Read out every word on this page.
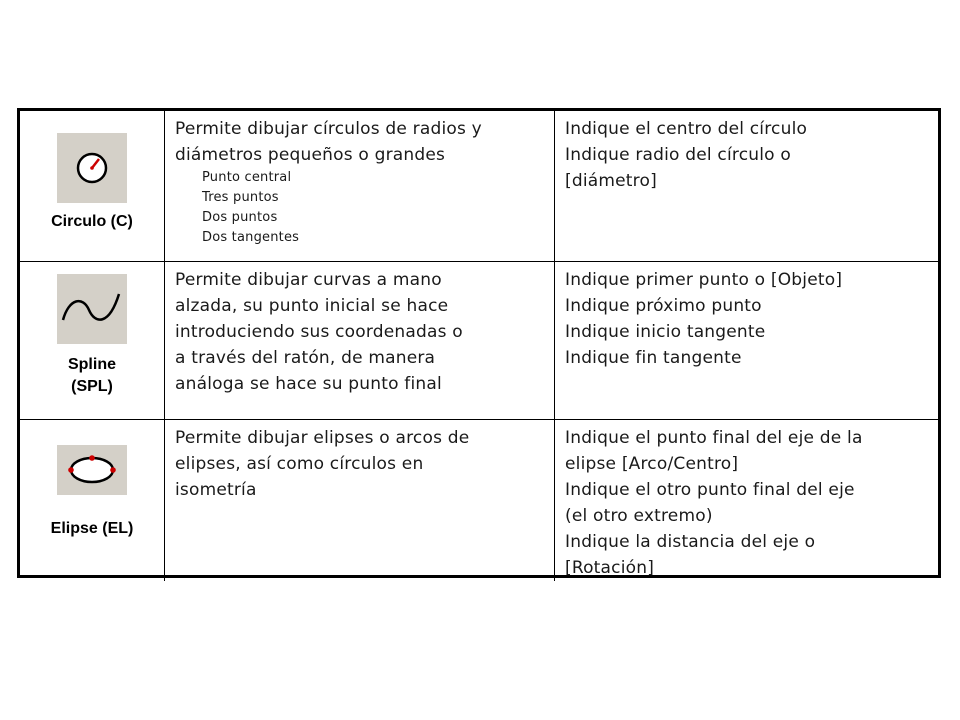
Circulo (C)
Permite dibujar círculos de radios y
diámetros pequeños o grandes
Punto central
Tres puntos
Dos puntos
Dos tangentes
Indique el centro del círculo
Indique radio del círculo o
[diámetro]
Spline
(SPL)
Permite dibujar curvas a mano
alzada, su punto inicial se hace
introduciendo sus coordenadas o
a través del ratón, de manera
análoga se hace su punto final
Indique primer punto o [Objeto]
Indique próximo punto
Indique inicio tangente
Indique fin tangente
Elipse (EL)
Permite dibujar elipses o arcos de
elipses, así como círculos en
isometría
Indique el punto final del eje de la
elipse [Arco/Centro]
Indique el otro punto final del eje
(el otro extremo)
Indique la distancia del eje o
[Rotación]
